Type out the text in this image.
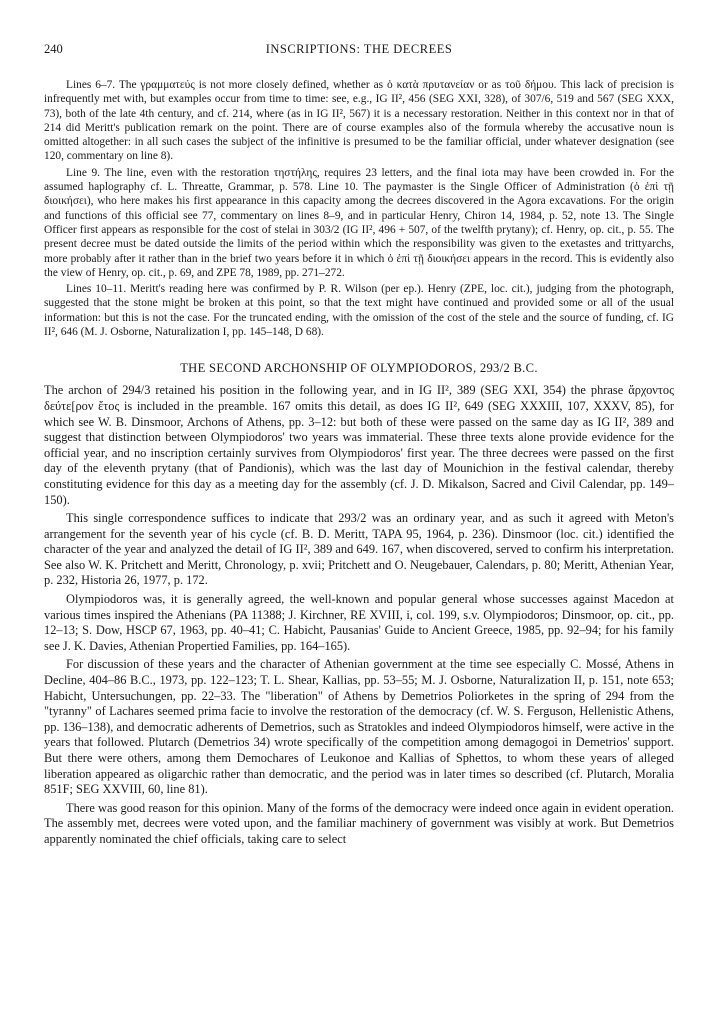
240	INSCRIPTIONS: THE DECREES

Lines 6–7. The γραμματεύς is not more closely defined, whether as ὁ κατὰ πρυτανείαν or as τοῦ δήμου. This lack of precision is infrequently met with, but examples occur from time to time: see, e.g., IG II², 456 (SEG XXI, 328), of 307/6, 519 and 567 (SEG XXX, 73), both of the late 4th century, and cf. 214, where (as in IG II², 567) it is a necessary restoration. Neither in this context nor in that of 214 did Meritt's publication remark on the point. There are of course examples also of the formula whereby the accusative noun is omitted altogether: in all such cases the subject of the infinitive is presumed to be the familiar official, under whatever designation (see 120, commentary on line 8).

Line 9. The line, even with the restoration τηστήλης, requires 23 letters, and the final iota may have been crowded in. For the assumed haplography cf. L. Threatte, Grammar, p. 578. Line 10. The paymaster is the Single Officer of Administration (ὁ ἐπὶ τῇ διοικήσει), who here makes his first appearance in this capacity among the decrees discovered in the Agora excavations. For the origin and functions of this official see 77, commentary on lines 8–9, and in particular Henry, Chiron 14, 1984, p. 52, note 13. The Single Officer first appears as responsible for the cost of stelai in 303/2 (IG II², 496 + 507, of the twelfth prytany); cf. Henry, op. cit., p. 55. The present decree must be dated outside the limits of the period within which the responsibility was given to the exetastes and trittyarchs, more probably after it rather than in the brief two years before it in which ὁ ἐπὶ τῇ διοικήσει appears in the record. This is evidently also the view of Henry, op. cit., p. 69, and ZPE 78, 1989, pp. 271–272.

Lines 10–11. Meritt's reading here was confirmed by P. R. Wilson (per ep.). Henry (ZPE, loc. cit.), judging from the photograph, suggested that the stone might be broken at this point, so that the text might have continued and provided some or all of the usual information: but this is not the case. For the truncated ending, with the omission of the cost of the stele and the source of funding, cf. IG II², 646 (M. J. Osborne, Naturalization I, pp. 145–148, D 68).

THE SECOND ARCHONSHIP OF OLYMPIODOROS, 293/2 B.C.

The archon of 294/3 retained his position in the following year, and in IG II², 389 (SEG XXI, 354) the phrase ἄρχοντος δεύτε[ρον ἔτος is included in the preamble. 167 omits this detail, as does IG II², 649 (SEG XXXIII, 107, XXXV, 85), for which see W. B. Dinsmoor, Archons of Athens, pp. 3–12: but both of these were passed on the same day as IG II², 389 and suggest that distinction between Olympiodoros' two years was immaterial. These three texts alone provide evidence for the official year, and no inscription certainly survives from Olympiodoros' first year. The three decrees were passed on the first day of the eleventh prytany (that of Pandionis), which was the last day of Mounichion in the festival calendar, thereby constituting evidence for this day as a meeting day for the assembly (cf. J. D. Mikalson, Sacred and Civil Calendar, pp. 149–150).

This single correspondence suffices to indicate that 293/2 was an ordinary year, and as such it agreed with Meton's arrangement for the seventh year of his cycle (cf. B. D. Meritt, TAPA 95, 1964, p. 236). Dinsmoor (loc. cit.) identified the character of the year and analyzed the detail of IG II², 389 and 649. 167, when discovered, served to confirm his interpretation. See also W. K. Pritchett and Meritt, Chronology, p. xvii; Pritchett and O. Neugebauer, Calendars, p. 80; Meritt, Athenian Year, p. 232, Historia 26, 1977, p. 172.

Olympiodoros was, it is generally agreed, the well-known and popular general whose successes against Macedon at various times inspired the Athenians (PA 11388; J. Kirchner, RE XVIII, i, col. 199, s.v. Olympiodoros; Dinsmoor, op. cit., pp. 12–13; S. Dow, HSCP 67, 1963, pp. 40–41; C. Habicht, Pausanias' Guide to Ancient Greece, 1985, pp. 92–94; for his family see J. K. Davies, Athenian Propertied Families, pp. 164–165).

For discussion of these years and the character of Athenian government at the time see especially C. Mossé, Athens in Decline, 404–86 B.C., 1973, pp. 122–123; T. L. Shear, Kallias, pp. 53–55; M. J. Osborne, Naturalization II, p. 151, note 653; Habicht, Untersuchungen, pp. 22–33. The "liberation" of Athens by Demetrios Poliorketes in the spring of 294 from the "tyranny" of Lachares seemed prima facie to involve the restoration of the democracy (cf. W. S. Ferguson, Hellenistic Athens, pp. 136–138), and democratic adherents of Demetrios, such as Stratokles and indeed Olympiodoros himself, were active in the years that followed. Plutarch (Demetrios 34) wrote specifically of the competition among demagogoi in Demetrios' support. But there were others, among them Demochares of Leukonoe and Kallias of Sphettos, to whom these years of alleged liberation appeared as oligarchic rather than democratic, and the period was in later times so described (cf. Plutarch, Moralia 851F; SEG XXVIII, 60, line 81).

There was good reason for this opinion. Many of the forms of the democracy were indeed once again in evident operation. The assembly met, decrees were voted upon, and the familiar machinery of government was visibly at work. But Demetrios apparently nominated the chief officials, taking care to select
